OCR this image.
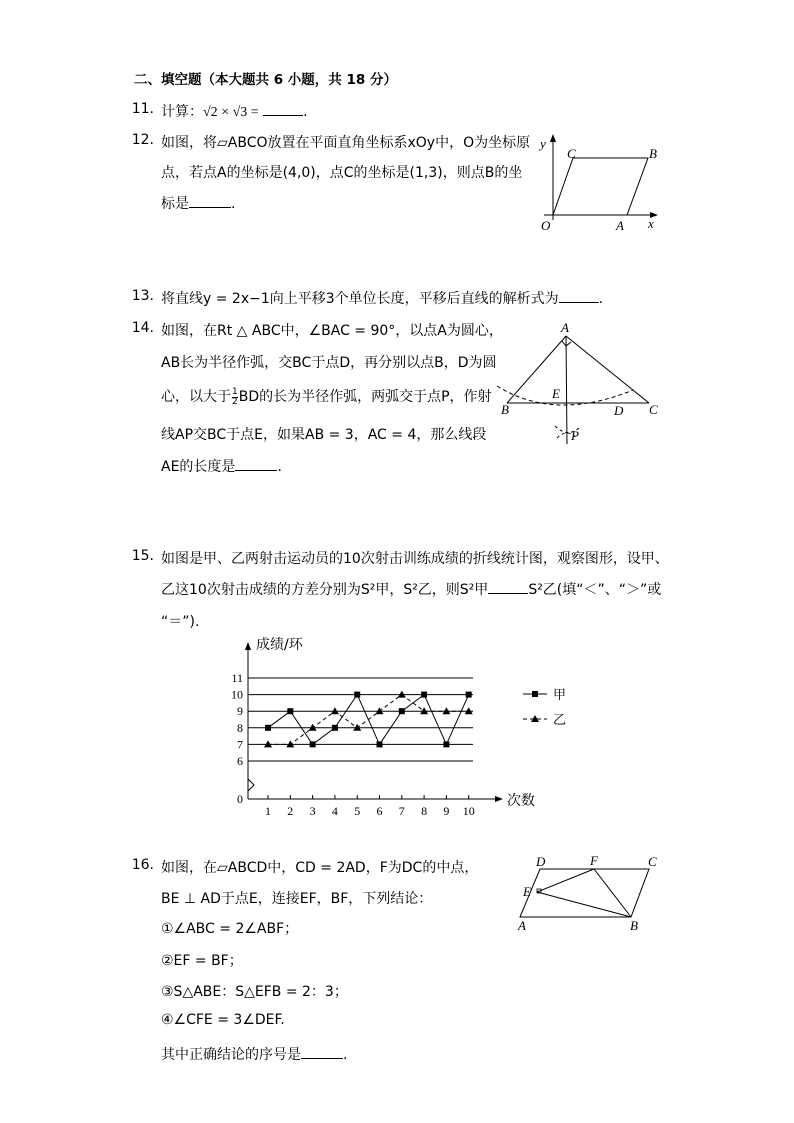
二、填空题（本大题共 6 小题，共 18 分）
11. 计算：√2 × √3 =	.
12. 如图，将▱ABCO放置在平面直角坐标系xOy中，O为坐标原
点，若点A的坐标是(4,0)，点C的坐标是(1,3)，则点B的坐
标是	.
y
x
O	A
B
C
13. 将直线y = 2x−1向上平移3个单位长度，平移后直线的解析式为	.
14. 如图，在Rt △ ABC中，∠BAC = 90°，以点A为圆心，
AB长为半径作弧，交BC于点D，再分别以点B，D为圆
心，以大于 $\frac{1}{2}$ BD的长为半径作弧，两弧交于点P，作射
线AP交BC于点E，如果AB = 3，AC = 4，那么线段
AE的长度是	.
A
B	C
D
E
P
15. 如图是甲、乙两射击运动员的10次射击训练成绩的折线统计图，观察图形，设甲、
乙这10次射击成绩的方差分别为S²甲，S²乙，则S²甲	S²乙(填“＜”、“＞”或
“＝”).
0
6
7
8
9
10
11
1 2 3 4 5 6 7 8 9 10
成绩/环
次数
甲
乙
16. 如图，在▱ABCD中，CD = 2AD，F为DC的中点，
BE ⊥ AD于点E，连接EF，BF，下列结论：
①∠ABC = 2∠ABF；
②EF = BF；
③S△ABE：S△EFB = 2：3；
④∠CFE = 3∠DEF.
其中正确结论的序号是	.
D	F	C
E
A	B
